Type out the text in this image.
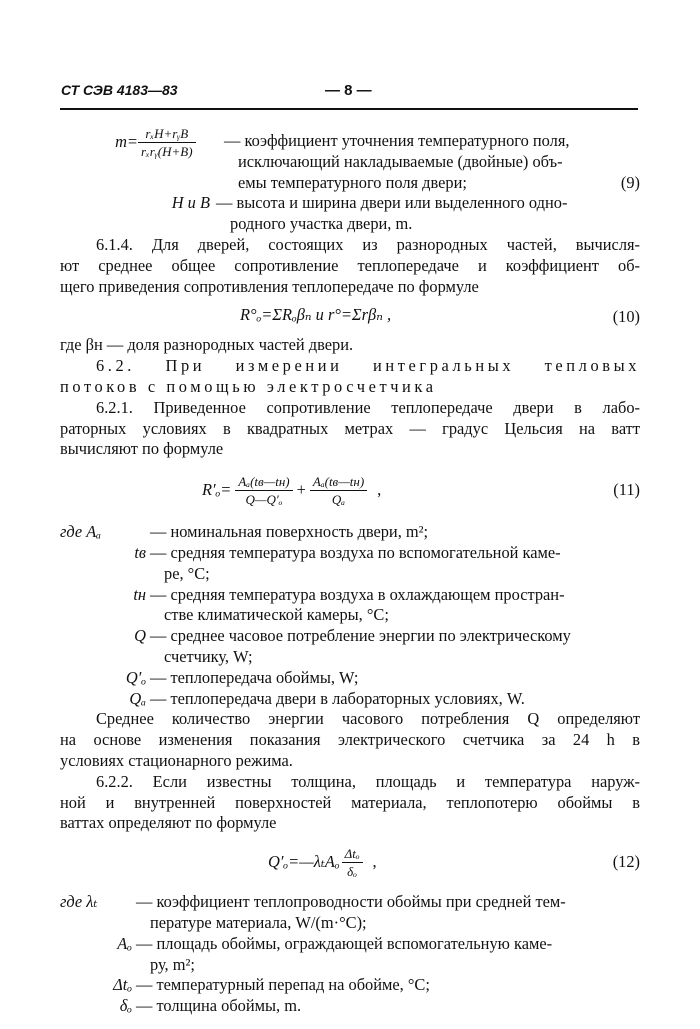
СТ СЭВ 4183—83	— 8 —
$m= \frac{\text{rₓH+rᵧB}}{\text{rₓrᵧ(H+B)}}$ — коэффициент уточнения температурного поля,
исключающий накладываемые (двойные) объ-
емы температурного поля двери;	(9)
H и B — высота и ширина двери или выделенного одно-
родного участка двери, m.
6.1.4. Для дверей, состоящих из разнородных частей, вычисля-
ют среднее общее сопротивление теплопередаче и коэффициент об-
щего приведения сопротивления теплопередаче по формуле
R°ₒ=ΣRₒβₙ и r°=Σrβₙ ,	(10)
где βн — доля разнородных частей двери.
6.2. При измерении интегральных тепловых
потоков с помощью электросчетчика
6.2.1. Приведенное сопротивление теплопередаче двери в лабо-
раторных условиях в квадратных метрах — градус Цельсия на ватт
вычисляют по формуле
$R'_o= \frac{\text{Aₐ(tв—tн)}}{\text{Q—Q′ₒ}} + \frac{\text{Aₐ(tв—tн)}}{\text{Qₐ}}$ ,	(11)
где Aₐ	— номинальная поверхность двери, m²;
tв — средняя температура воздуха по вспомогательной каме-
ре, °C;
tн — средняя температура воздуха в охлаждающем простран-
стве климатической камеры, °C;
Q — среднее часовое потребление энергии по электрическому
счетчику, W;
Q′ₒ — теплопередача обоймы, W;
Qₐ — теплопередача двери в лабораторных условиях, W.
Среднее количество энергии часового потребления Q определяют
на основе изменения показания электрического счетчика за 24 h в
условиях стационарного режима.
6.2.2. Если известны толщина, площадь и температура наруж-
ной и внутренней поверхностей материала, теплопотерю обоймы в
ваттах определяют по формуле
Q′ₒ=—λₜAₒ $\frac{\text{Δtₒ}}{\text{δₒ}}$ ,	(12)
где λₜ	— коэффициент теплопроводности обоймы при средней тем-
пературе материала, W/(m·°C);
Aₒ — площадь обоймы, ограждающей вспомогательную каме-
ру, m²;
Δtₒ — температурный перепад на обойме, °C;
δₒ — толщина обоймы, m.
